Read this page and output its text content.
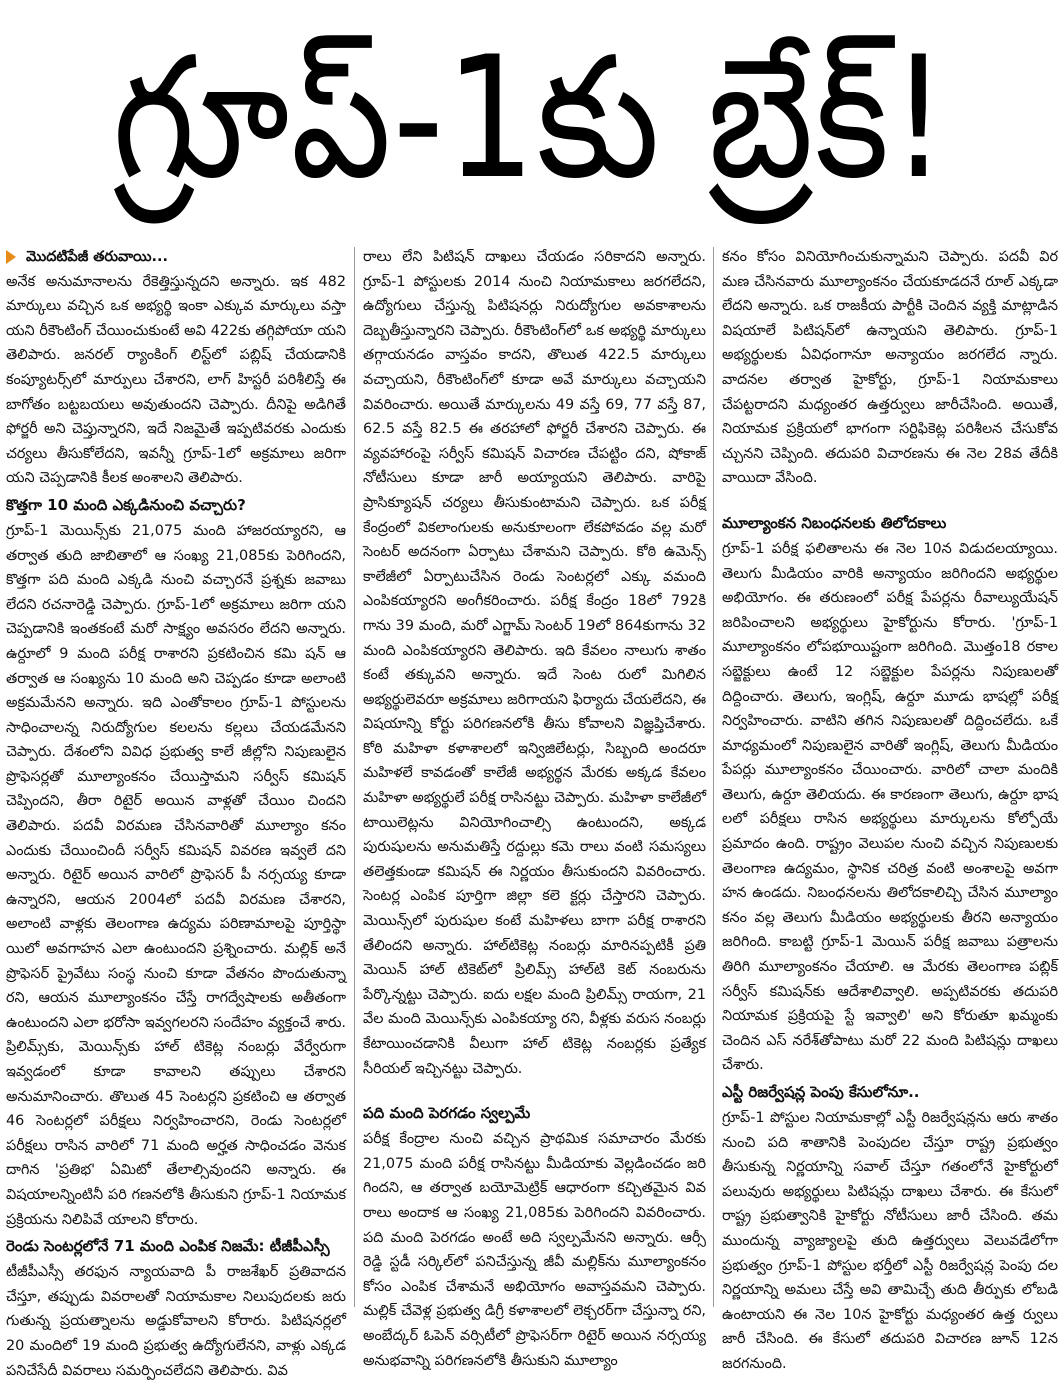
గ్రూప్-1కు బ్రేక్!
మొదటిపేజీ తరువాయి...

అనేక అనుమానాలను రేకెత్తిస్తున్నదని అన్నారు. ఇక 482 మార్కులు వచ్చిన ఒక అభ్యర్థి ఇంకా ఎక్కువ మార్కులు వస్తా యని రీకౌంటింగ్ చేయించుకుంటే అవి 422కు తగ్గిపోయా యని తెలిపారు. జనరల్ ర్యాంకింగ్ లిస్ట్‌లో పబ్లిష్ చేయడానికి కంప్యూటర్స్‌లో మార్పులు చేశారని, లాగ్ హిస్టరీ పరిశీలిస్తే ఈ బాగోతం బట్టబయలు అవుతుందని చెప్పారు. దీనిపై అడిగితే ఫోర్జరీ అని చెప్తున్నారని, ఇదే నిజమైతే ఇప్పటివరకు ఎందుకు చర్యలు తీసుకోలేదని, ఇవన్నీ గ్రూప్-1లో అక్రమాలు జరిగా యని చెప్పడానికి కీలక అంశాలని తెలిపారు.

కొత్తగా 10 మంది ఎక్కడినుంచి వచ్చారు?

గ్రూప్-1 మెయిన్స్‌కు 21,075 మంది హాజరయ్యారని, ఆ తర్వాత తుది జాబితాలో ఆ సంఖ్య 21,085కు పెరిగిందని, కొత్తగా పది మంది ఎక్కడి నుంచి వచ్చారనే ప్రశ్నకు జవాబు లేదని రచనారెడ్డి చెప్పారు. గ్రూప్-1లో అక్రమాలు జరిగా యని చెప్పడానికి ఇంతకంటే మరో సాక్ష్యం అవసరం లేదని అన్నారు. ఉర్దూలో 9 మంది పరీక్ష రాశారని ప్రకటించిన కమి షన్ ఆ తర్వాత ఆ సంఖ్యను 10 మంది అని చెప్పడం కూడా అలాంటి అక్రమమేనని అన్నారు. ఇది ఎంతోకాలం గ్రూప్-1 పోస్టులను సాధించాలన్న నిరుద్యోగుల కలలను కల్లలు చేయడమేనని చెప్పారు. దేశంలోని వివిధ ప్రభుత్వ కాలే జీల్లోని నిపుణులైన ప్రొఫెసర్లతో మూల్యాంకనం చేయిస్తామని సర్వీస్ కమిషన్ చెప్పిందని, తీరా రిటైర్ అయిన వాళ్లతో చేయిం చిందని తెలిపారు. పదవీ విరమణ చేసినవారితో మూల్యాం కనం ఎందుకు చేయించిందీ సర్వీస్ కమిషన్ వివరణ ఇవ్వలే దని అన్నారు. రిటైర్ అయిన వారిలో ప్రొఫెసర్ పీ నర్సయ్య కూడా ఉన్నారని, ఆయన 2004లో పదవీ విరమణ చేశారని, అలాంటి వాళ్లకు తెలంగాణ ఉద్యమ పరిణామాలపై పూర్తిస్థా యిలో అవగాహన ఎలా ఉంటుందని ప్రశ్నించారు. మల్లిక్ అనే ప్రొఫెసర్ ప్రైవేటు సంస్థ నుంచి కూడా వేతనం పొందుతున్నా రని, ఆయన మూల్యాంకనం చేస్తే రాగద్వేషాలకు అతీతంగా ఉంటుందని ఎలా భరోసా ఇవ్వగలరని సందేహం వ్యక్తంచే శారు. ప్రిలిమ్స్‌కు, మెయిన్స్‌కు హాల్ టికెట్ల నంబర్లు వేర్వేరుగా ఇవ్వడంలో కూడా కావాలని తప్పులు చేశారని అనుమానించారు. తొలుత 45 సెంటర్లని ప్రకటించి ఆ తర్వాత 46 సెంటర్లలో పరీక్షలు నిర్వహించారని, రెండు సెంటర్లలో పరీక్షలు రాసిన వారిలో 71 మంది అర్హత సాధించడం వెనుక దాగిన 'ప్రతిభ' ఏమిటో తేలాల్సివుందని అన్నారు. ఈ విషయాలన్నింటినీ పరి గణనలోకి తీసుకుని గ్రూప్-1 నియామక ప్రక్రియను నిలిపివే యాలని కోరారు.

రెండు సెంటర్లలోనే 71 మంది ఎంపిక నిజమే: టీజీపీఎస్సీ

టీజీపీఎస్సీ తరఫున న్యాయవాది పీ రాజశేఖర్ ప్రతివాదన చేస్తూ, తప్పుడు వివరాలతో నియామకాల నిలుపుదలకు జరు గుతున్న ప్రయత్నాలను అడ్డుకోవాలని కోరారు. పిటిషనర్లలో 20 మందిలో 19 మంది ప్రభుత్వ ఉద్యోగులేనని, వాళ్లు ఎక్కడ పనిచేసేదీ వివరాలు సమర్పించలేదని తెలిపారు. వివ

రాలు లేని పిటిషన్ దాఖలు చేయడం సరికాదని అన్నారు. గ్రూప్-1 పోస్టులకు 2014 నుంచి నియామకాలు జరగలేదని, ఉద్యోగులు చేస్తున్న పిటిషనర్లు నిరుద్యోగుల అవకాశాలను దెబ్బతీస్తున్నారని చెప్పారు. రీకౌంటింగ్‌లో ఒక అభ్యర్థి మార్కులు తగ్గాయనడం వాస్తవం కాదని, తొలుత 422.5 మార్కులు వచ్చాయని, రీకౌంటింగ్‌లో కూడా అవే మార్కులు వచ్చాయని వివరించారు. అయితే మార్కులను 49 వస్తే 69, 77 వస్తే 87, 62.5 వస్తే 82.5 ఈ తరహాలో ఫోర్జరీ చేశారని చెప్పారు. ఈ వ్యవహారంపై సర్వీస్ కమిషన్ విచారణ చేపట్టిం దని, షోకాజ్ నోటీసులు కూడా జారీ అయ్యాయని తెలిపారు. వారిపై ప్రాసిక్యూషన్ చర్యలు తీసుకుంటామని చెప్పారు. ఒక పరీక్ష కేంద్రంలో వికలాంగులకు అనుకూలంగా లేకపోవడం వల్ల మరో సెంటర్ అదనంగా ఏర్పాటు చేశామని చెప్పారు. కోఠి ఉమెన్స్ కాలేజీలో ఏర్పాటుచేసిన రెండు సెంటర్లలో ఎక్కు వమంది ఎంపికయ్యారని అంగీకరించారు. పరీక్ష కేంద్రం 18లో 792కి గాను 39 మంది, మరో ఎగ్జామ్ సెంటర్ 19లో 864కుగాను 32 మంది ఎంపికయ్యారని తెలిపారు. ఇది కేవలం నాలుగు శాతం కంటే తక్కువని అన్నారు. ఇదే సెంట రులో మిగిలిన అభ్యర్థులెవరూ అక్రమాలు జరిగాయని ఫిర్యాదు చేయలేదని, ఈ విషయాన్ని కోర్టు పరిగణనలోకి తీసు కోవాలని విజ్ఞప్తిచేశారు. కోఠి మహిళా కళాశాలలో ఇన్విజిలేటర్లు, సిబ్బంది అందరూ మహిళలే కావడంతో కాలేజీ అభ్యర్థన మేరకు అక్కడ కేవలం మహిళా అభ్యర్థులే పరీక్ష రాసినట్టు చెప్పారు. మహిళా కాలేజీలో టాయిలెట్లను వినియోగించాల్సి ఉంటుందని, అక్కడ పురుషులను అనుమతిస్తే రద్దుల్లు కమె రాలు వంటి సమస్యలు తలెత్తకుండా కమిషన్ ఈ నిర్ణయం తీసుకుందని వివరించారు. సెంటర్ల ఎంపిక పూర్తిగా జిల్లా కలె క్టర్లు చేస్తారని చెప్పారు. మెయిన్స్‌లో పురుషుల కంటే మహిళలు బాగా పరీక్ష రాశారని తేలిందని అన్నారు. హాల్‌టికెట్ల నంబర్లు మారినప్పటికీ ప్రతి మెయిన్ హాల్ టికెట్‌లో ప్రిలిమ్స్ హాల్‌టి కెట్ నంబరును పేర్కొన్నట్టు చెప్పారు. ఐదు లక్షల మంది ప్రిలిమ్స్ రాయగా, 21 వేల మంది మెయిన్స్‌కు ఎంపికయ్యా రని, వీళ్లకు వరుస నంబర్లు కేటాయించడానికి వీలుగా హాల్ టికెట్ల నంబర్లకు ప్రత్యేక సీరియల్ ఇచ్చినట్టు చెప్పారు.

పది మంది పెరగడం స్వల్పమే

పరీక్ష కేంద్రాల నుంచి వచ్చిన ప్రాథమిక సమాచారం మేరకు 21,075 మంది పరీక్ష రాసినట్టు మీడియాకు వెల్లడించడం జరి గిందని, ఆ తర్వాత బయోమెట్రిక్ ఆధారంగా కచ్చితమైన వివ రాలు అందాక ఆ సంఖ్య 21,085కు పెరిగిందని వివరించారు. పది మంది పెరగడం అంటే అది స్వల్పమేనని అన్నారు. ఆర్సీ రెడ్డి స్టడీ సర్కిల్‌లో పనిచేస్తున్న జీవీ మల్లిక్‌ను మూల్యాంకనం కోసం ఎంపిక చేశామనే అభియోగం అవాస్తవమని చెప్పారు. మల్లిక్ చేవెళ్ల ప్రభుత్వ డిగ్రీ కళాశాలలో లెక్చరర్‌గా చేస్తున్నా రని, అంబేద్కర్ ఓపెన్ వర్సిటీలో ప్రొఫెసర్‌గా రిటైర్ అయిన నర్సయ్య అనుభవాన్ని పరిగణనలోకి తీసుకుని మూల్యాం

కనం కోసం వినియోగించుకున్నామని చెప్పారు. పదవీ విర మణ చేసినవారు మూల్యాంకనం చేయకూడదనే రూల్ ఎక్కడా లేదని అన్నారు. ఒక రాజకీయ పార్టీకి చెందిన వ్యక్తి మాట్లాడిన విషయాలే పిటిషన్‌లో ఉన్నాయని తెలిపారు. గ్రూప్-1 అభ్యర్థులకు ఏవిధంగానూ అన్యాయం జరగలేద న్నారు. వాదనల తర్వాత హైకోర్టు, గ్రూప్-1 నియామకాలు చేపట్టరాదని మధ్యంతర ఉత్తర్వులు జారీచేసింది. అయితే, నియామక ప్రక్రియలో భాగంగా సర్టిఫికెట్ల పరిశీలన చేసుకోవ చ్చునని చెప్పింది. తదుపరి విచారణను ఈ నెల 28వ తేదీకి వాయిదా వేసింది.

మూల్యాంకన నిబంధనలకు తిలోదకాలు

గ్రూప్-1 పరీక్ష ఫలితాలను ఈ నెల 10న విడుదలయ్యాయి. తెలుగు మీడియం వారికి అన్యాయం జరిగిందని అభ్యర్థుల అభియోగం. ఈ తరుణంలో పరీక్ష పేపర్లను రీవాల్యుయేషన్ జరిపించాలని అభ్యర్థులు హైకోర్టును కోరారు. 'గ్రూప్-1 మూల్యాంకనం లోపభూయిష్టంగా జరిగింది. మొత్తం18 రకాల సబ్జెక్టులు ఉంటే 12 సబ్జెక్టుల పేపర్లను నిపుణులతో దిద్దించారు. తెలుగు, ఇంగ్లిష్, ఉర్దూ మూడు భాషల్లో పరీక్ష నిర్వహించారు. వాటిని తగిన నిపుణులతో దిద్దించలేదు. ఒకే మాధ్యమంలో నిపుణులైన వారితో ఇంగ్లిష్, తెలుగు మీడియం పేపర్లు మూల్యాంకనం చేయించారు. వారిలో చాలా మందికి తెలుగు, ఉర్దూ తెలియదు. ఈ కారణంగా తెలుగు, ఉర్దూ భాష లలో పరీక్షలు రాసిన అభ్యర్థులు మార్కులను కోల్పోయే ప్రమాదం ఉంది. రాష్ట్రం వెలుపల నుంచి వచ్చిన నిపుణులకు తెలంగాణ ఉద్యమం, స్థానిక చరిత్ర వంటి అంశాలపై అవగా హన ఉండదు. నిబంధనలను తిలోదకాలిచ్చి చేసిన మూల్యాం కనం వల్ల తెలుగు మీడియం అభ్యర్థులకు తీరని అన్యాయం జరిగింది. కాబట్టి గ్రూప్-1 మెయిన్ పరీక్ష జవాబు పత్రాలను తిరిగి మూల్యాంకనం చేయాలి. ఆ మేరకు తెలంగాణ పబ్లిక్ సర్వీస్ కమిషన్‌కు ఆదేశాలివ్వాలి. అప్పటివరకు తదుపరి నియామక ప్రక్రియపై స్టే ఇవ్వాలి' అని కోరుతూ ఖమ్మంకు చెందిన ఎస్ నరేశ్‌తోపాటు మరో 22 మంది పిటిషన్లు దాఖలు చేశారు.

ఎస్టీ రిజర్వేషన్ల పెంపు కేసులోనూ..

గ్రూప్-1 పోస్టుల నియామకాల్లో ఎస్టీ రిజర్వేషన్లను ఆరు శాతం నుంచి పది శాతానికి పెంపుదల చేస్తూ రాష్ట్ర ప్రభుత్వం తీసుకున్న నిర్ణయాన్ని సవాల్ చేస్తూ గతంలోనే హైకోర్టులో పలువురు అభ్యర్థులు పిటిషన్లు దాఖలు చేశారు. ఈ కేసులో రాష్ట్ర ప్రభుత్వానికి హైకోర్టు నోటీసులు జారీ చేసింది. తమ ముందున్న వ్యాజ్యాలపై తుది ఉత్తర్వులు వెలువడేలోగా ప్రభుత్వం గ్రూప్-1 పోస్టుల భర్తీలో ఎస్టీ రిజర్వేషన్ల పెంపు దల నిర్ణయాన్ని అమలు చేస్తే అవి తామిచ్చే తుది తీర్పుకు లోబడి ఉంటాయని ఈ నెల 10న హైకోర్టు మధ్యంతర ఉత్త ర్వులు జారీ చేసింది. ఈ కేసులో తదుపరి విచారణ జూన్ 12న జరగనుంది.
